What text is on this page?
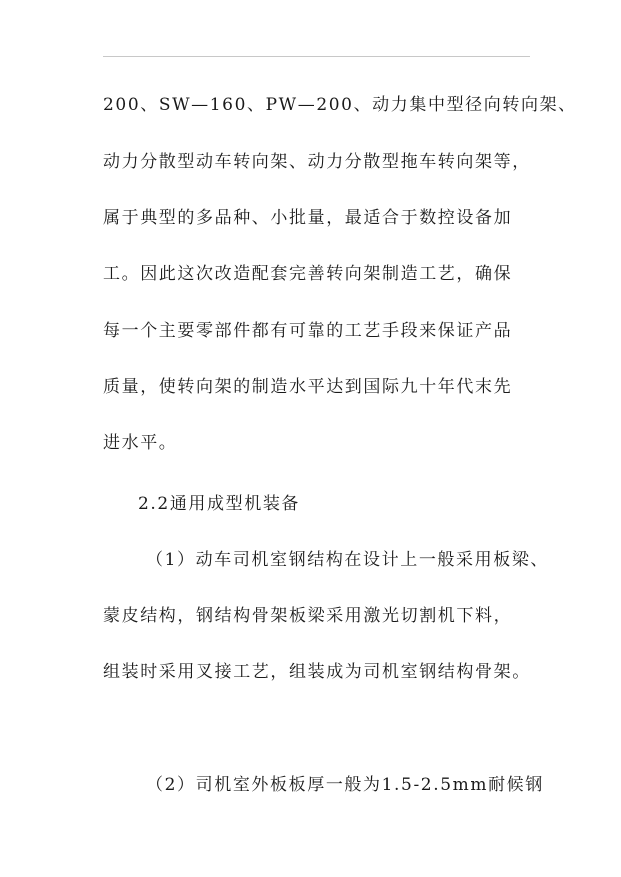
200、SW—160、PW—200、动力集中型径向转向架、
动力分散型动车转向架、动力分散型拖车转向架等，
属于典型的多品种、小批量，最适合于数控设备加
工。因此这次改造配套完善转向架制造工艺，确保
每一个主要零部件都有可靠的工艺手段来保证产品
质量，使转向架的制造水平达到国际九十年代末先
进水平。
2.2通用成型机装备
（1）动车司机室钢结构在设计上一般采用板梁、
蒙皮结构，钢结构骨架板梁采用激光切割机下料，
组装时采用叉接工艺，组装成为司机室钢结构骨架。
（2）司机室外板板厚一般为1.5-2.5mm耐候钢
